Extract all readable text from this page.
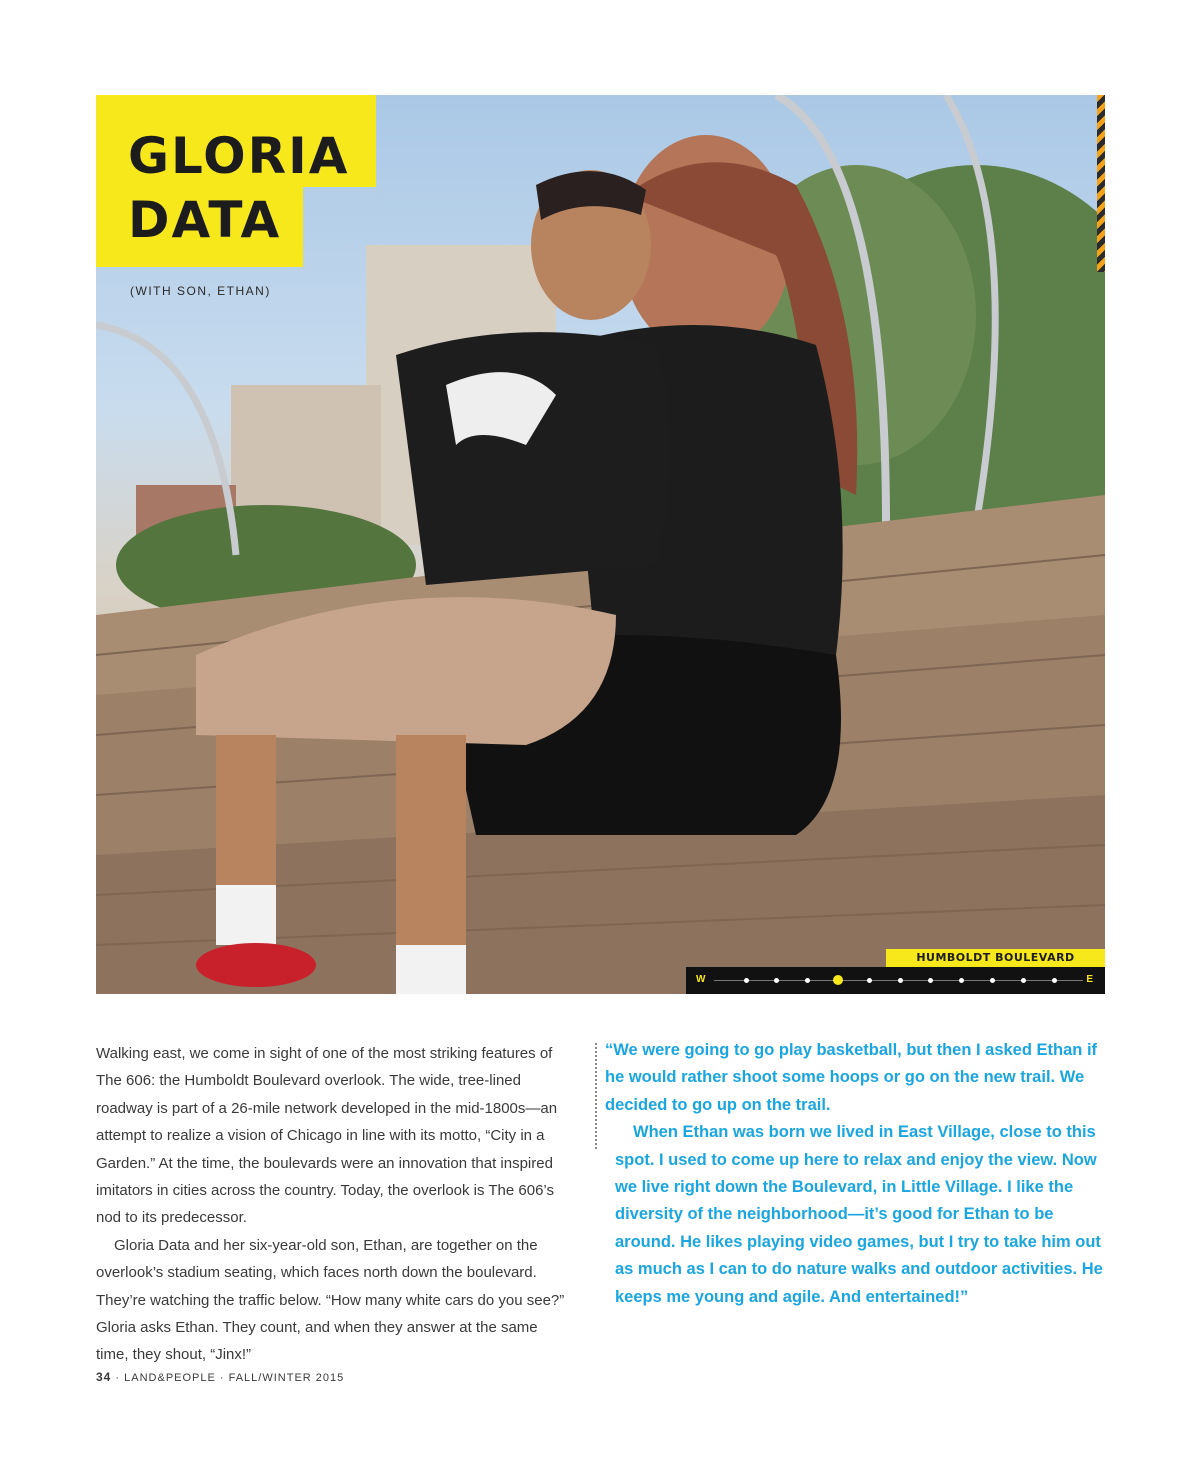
GLORIA
DATA
(WITH SON, ETHAN)
HUMBOLDT BOULEVARD
W	E

Walking east, we come in sight of one of the most striking features of The 606: the Humboldt Boulevard overlook. The wide, tree-lined roadway is part of a 26-mile network developed in the mid-1800s—an attempt to realize a vision of Chicago in line with its motto, “City in a Garden.” At the time, the boulevards were an innovation that inspired imitators in cities across the country. Today, the overlook is The 606’s nod to its predecessor.

Gloria Data and her six-year-old son, Ethan, are together on the overlook’s stadium seating, which faces north down the boulevard. They’re watching the traffic below. “How many white cars do you see?” Gloria asks Ethan. They count, and when they answer at the same time, they shout, “Jinx!”

“We were going to go play basketball, but then I asked Ethan if he would rather shoot some hoops or go on the new trail. We decided to go up on the trail.

When Ethan was born we lived in East Village, close to this spot. I used to come up here to relax and enjoy the view. Now we live right down the Boulevard, in Little Village. I like the diversity of the neighborhood—it’s good for Ethan to be around. He likes playing video games, but I try to take him out as much as I can to do nature walks and outdoor activities. He keeps me young and agile. And entertained!”

34 · LAND&PEOPLE · FALL/WINTER 2015
